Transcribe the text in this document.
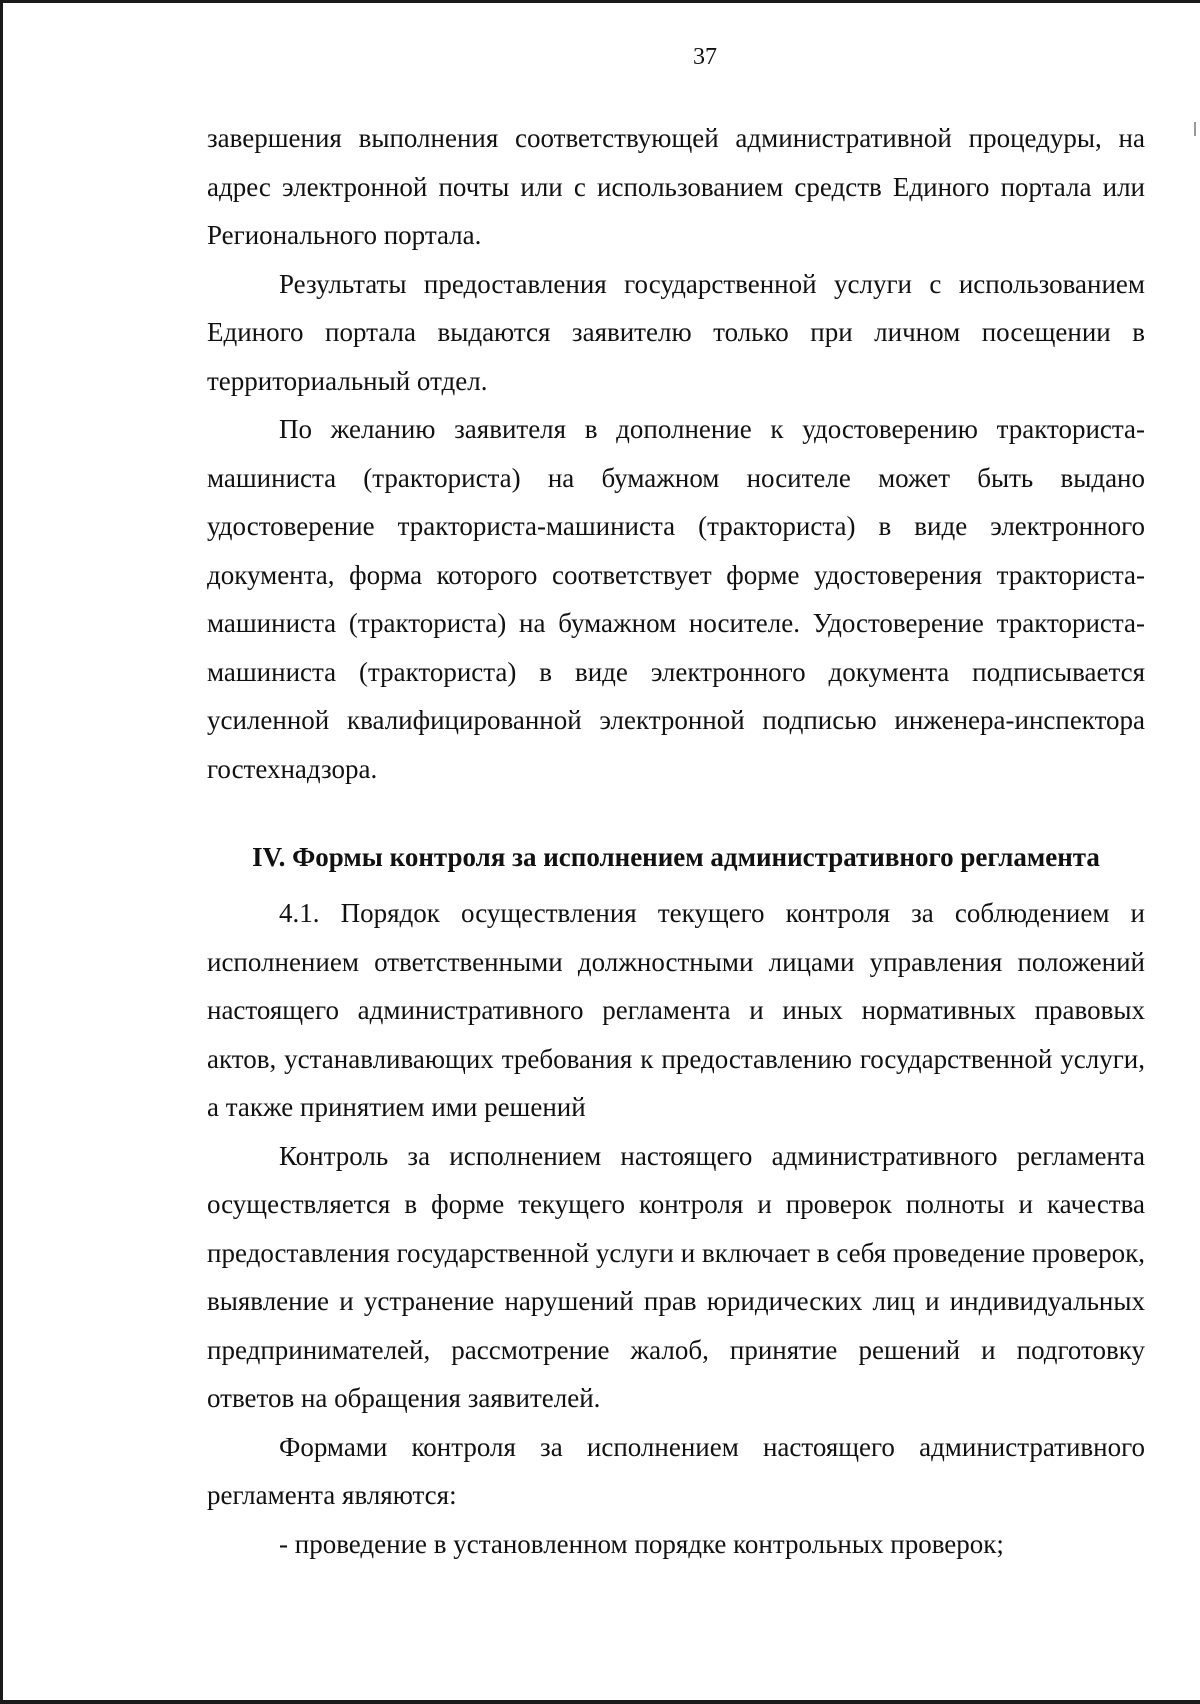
37

завершения выполнения соответствующей административной процедуры, на адрес электронной почты или с использованием средств Единого портала или Регионального портала.

Результаты предоставления государственной услуги с использованием Единого портала выдаются заявителю только при личном посещении в территориальный отдел.

По желанию заявителя в дополнение к удостоверению тракториста-машиниста (тракториста) на бумажном носителе может быть выдано удостоверение тракториста-машиниста (тракториста) в виде электронного документа, форма которого соответствует форме удостоверения тракториста-машиниста (тракториста) на бумажном носителе. Удостоверение тракториста-машиниста (тракториста) в виде электронного документа подписывается усиленной квалифицированной электронной подписью инженера-инспектора гостехнадзора.

IV. Формы контроля за исполнением административного регламента

4.1. Порядок осуществления текущего контроля за соблюдением и исполнением ответственными должностными лицами управления положений настоящего административного регламента и иных нормативных правовых актов, устанавливающих требования к предоставлению государственной услуги, а также принятием ими решений

Контроль за исполнением настоящего административного регламента осуществляется в форме текущего контроля и проверок полноты и качества предоставления государственной услуги и включает в себя проведение проверок, выявление и устранение нарушений прав юридических лиц и индивидуальных предпринимателей, рассмотрение жалоб, принятие решений и подготовку ответов на обращения заявителей.

Формами контроля за исполнением настоящего административного регламента являются:

- проведение в установленном порядке контрольных проверок;
